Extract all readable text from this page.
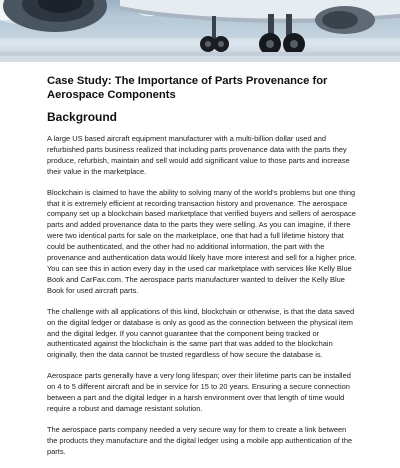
Case Study: The Importance of Parts Provenance for Aerospace Components
Background

A large US based aircraft equipment manufacturer with a multi-billion dollar used and refurbished parts business realized that including parts provenance data with the parts they produce, refurbish, maintain and sell would add significant value to those parts and increase their value in the marketplace.

Blockchain is claimed to have the ability to solving many of the world's problems but one thing that it is extremely efficient at recording transaction history and provenance. The aerospace company set up a blockchain based marketplace that verified buyers and sellers of aerospace parts and added provenance data to the parts they were selling. As you can imagine, if there were two identical parts for sale on the marketplace, one that had a full lifetime history that could be authenticated, and the other had no additional information, the part with the provenance and authentication data would likely have more interest and sell for a higher price. You can see this in action every day in the used car marketplace with services like Kelly Blue Book and CarFax.com. The aerospace parts manufacturer wanted to deliver the Kelly Blue Book for used aircraft parts.

The challenge with all applications of this kind, blockchain or otherwise, is that the data saved on the digital ledger or database is only as good as the connection between the physical item and the digital ledger. If you cannot guarantee that the component being tracked or authenticated against the blockchain is the same part that was added to the blockchain originally, then the data cannot be trusted regardless of how secure the database is.

Aerospace parts generally have a very long lifespan; over their lifetime parts can be installed on 4 to 5 different aircraft and be in service for 15 to 20 years. Ensuring a secure connection between a part and the digital ledger in a harsh environment over that length of time would require a robust and damage resistant solution.

The aerospace parts company needed a very secure way for them to create a link between the products they manufacture and the digital ledger using a mobile app authentication of the parts.
